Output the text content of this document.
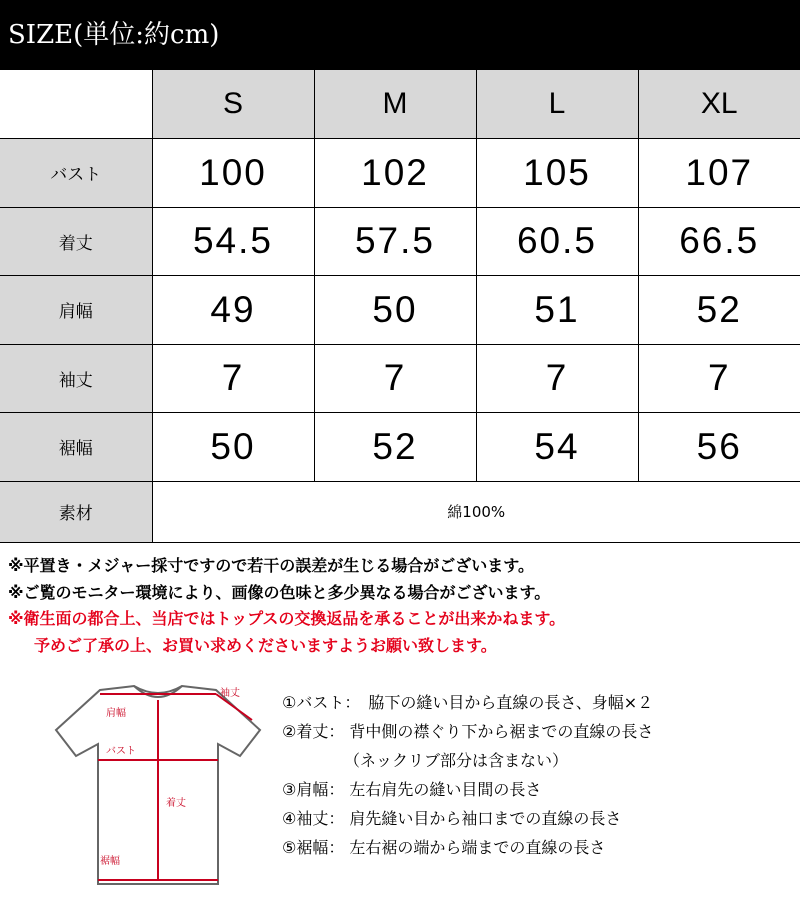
SIZE(単位:約cm)
	S	M	L	XL
バスト	100	102	105	107
着丈	54.5	57.5	60.5	66.5
肩幅	49	50	51	52
袖丈	7	7	7	7
裾幅	50	52	54	56
素材	綿100%			
※平置き・メジャー採寸ですので若干の誤差が生じる場合がございます。
※ご覧のモニター環境により、画像の色味と多少異なる場合がございます。
※衛生面の都合上、当店ではトップスの交換返品を承ることが出来かねます。
予めご了承の上、お買い求めくださいますようお願い致します。
袖丈
肩幅
バスト
着丈
裾幅
①バスト：　脇下の縫い目から直線の長さ、身幅×２
②着丈： 背中側の襟ぐり下から裾までの直線の長さ
（ネックリブ部分は含まない）
③肩幅： 左右肩先の縫い目間の長さ
④袖丈： 肩先縫い目から袖口までの直線の長さ
⑤裾幅： 左右裾の端から端までの直線の長さ
